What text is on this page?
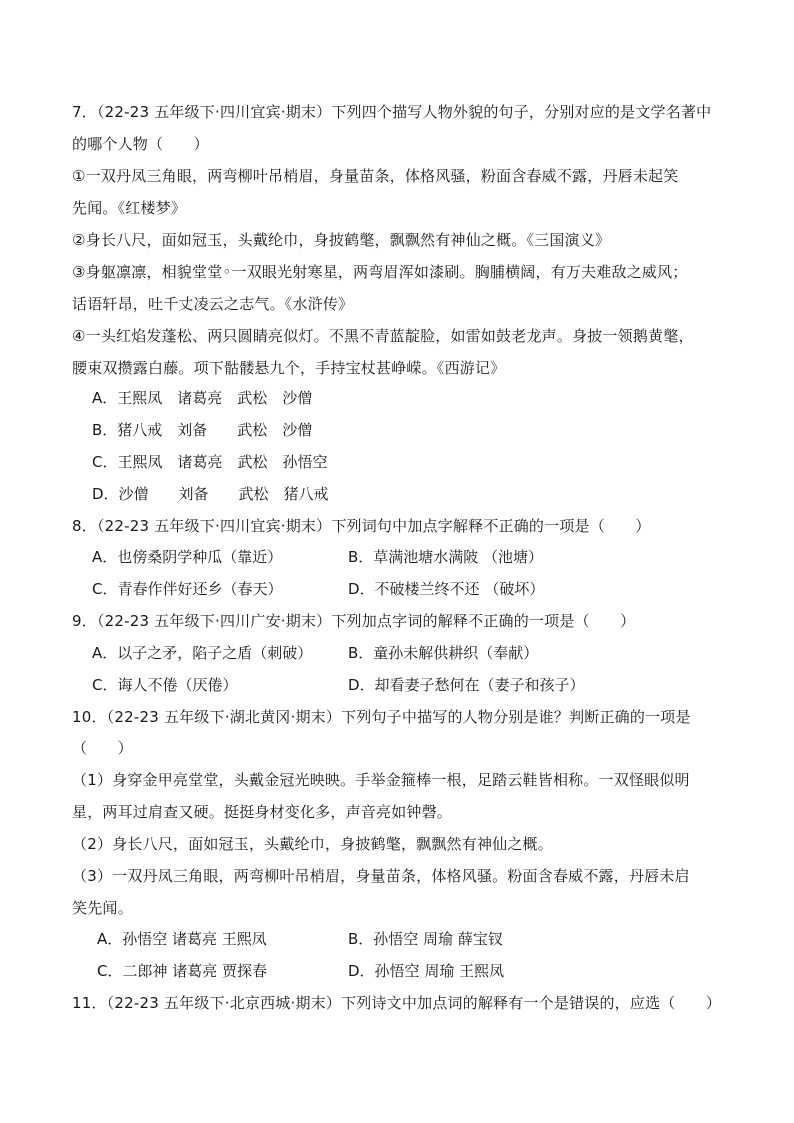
7．（22-23 五年级下·四川宜宾·期末）下列四个描写人物外貌的句子，分别对应的是文学名著中
的哪个人物（　　）
①一双丹凤三角眼，两弯柳叶吊梢眉，身量苗条，体格风骚，粉面含春威不露，丹唇未起笑
先闻。《红楼梦》
②身长八尺，面如冠玉，头戴纶巾，身披鹤氅，飘飘然有神仙之概。《三国演义》
③身躯凛凛，相貌堂堂◦一双眼光射寒星，两弯眉浑如漆刷。胸脯横阔，有万夫难敌之威风；
话语轩昂，吐千丈凌云之志气。《水浒传》
④一头红焰发蓬松、两只圆睛亮似灯。不黑不青蓝靛脸，如雷如鼓老龙声。身披一领鹅黄氅，
腰束双攒露白藤。项下骷髅悬九个，手持宝杖甚峥嵘。《西游记》
A．王熙凤　诸葛亮　武松　沙僧
B．猪八戒　刘备　　武松　沙僧
C．王熙凤　诸葛亮　武松　孙悟空
D．沙僧　　刘备　　武松　猪八戒
8．（22-23 五年级下·四川宜宾·期末）下列词句中加点字解释不正确的一项是（　　）
A．也傍桑阴学种瓜（靠近）	B．草满池塘水满陂 （池塘）
C．青春作伴好还乡（春天）	D．不破楼兰终不还 （破坏）
9．（22-23 五年级下·四川广安·期末）下列加点字词的解释不正确的一项是（　　）
A．以子之矛，陷子之盾（刺破） B．童孙未解供耕织（奉献）
C．诲人不倦（厌倦）	D．却看妻子愁何在（妻子和孩子）
10．（22-23 五年级下·湖北黄冈·期末）下列句子中描写的人物分别是谁？判断正确的一项是
（　　）
（1）身穿金甲亮堂堂，头戴金冠光映映。手举金箍棒一根，足踏云鞋皆相称。一双怪眼似明
星，两耳过肩查又硬。挺挺身材变化多，声音亮如钟磬。
（2）身长八尺，面如冠玉，头戴纶巾，身披鹤氅，飘飘然有神仙之概。
（3）一双丹凤三角眼，两弯柳叶吊梢眉，身量苗条，体格风骚。粉面含春威不露，丹唇未启
笑先闻。
A．孙悟空 诸葛亮 王熙凤	B．孙悟空 周瑜 薛宝钗
C．二郎神 诸葛亮 贾探春	D．孙悟空 周瑜 王熙凤
11．（22-23 五年级下·北京西城·期末）下列诗文中加点词的解释有一个是错误的，应选（　　）
